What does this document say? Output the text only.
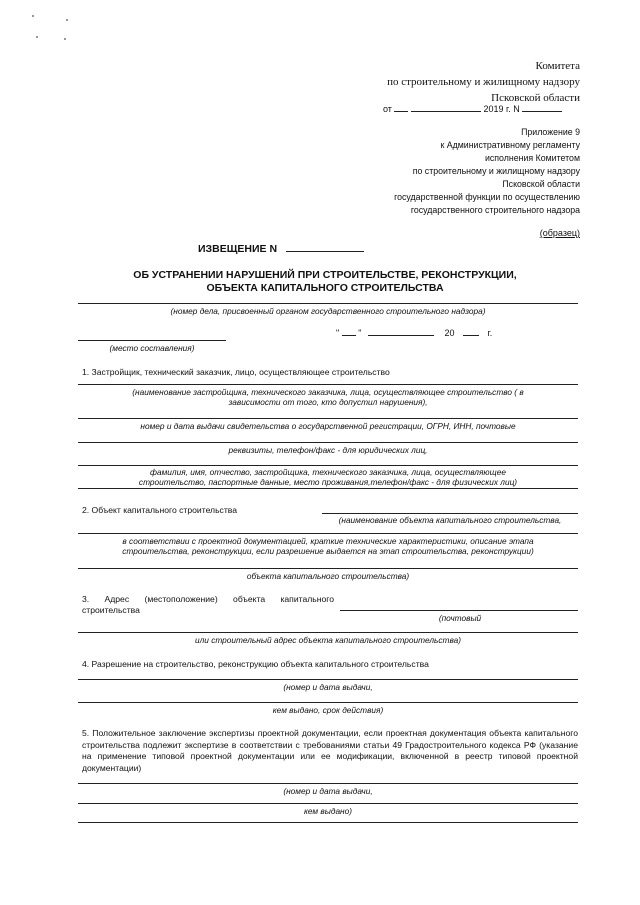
Комитета
по строительному и жилищному надзору
Псковской области
от	2019 г. N
Приложение 9
к Административному регламенту
исполнения Комитетом
по строительному и жилищному надзору
Псковской области
государственной функции по осуществлению
государственного строительного надзора
(образец)
ИЗВЕЩЕНИЕ N
ОБ УСТРАНЕНИИ НАРУШЕНИЙ ПРИ СТРОИТЕЛЬСТВЕ, РЕКОНСТРУКЦИИ,
ОБЪЕКТА КАПИТАЛЬНОГО СТРОИТЕЛЬСТВА
(номер дела, присвоенный органом государственного строительного надзора)
" "	20	г.
(место составления)
1. Застройщик, технический заказчик, лицо, осуществляющее строительство
(наименование застройщика, технического заказчика, лица, осуществляющее строительство ( в
зависимости от того, кто допустил нарушения),
номер и дата выдачи свидетельства о государственной регистрации, ОГРН, ИНН, почтовые
реквизиты, телефон/факс - для юридических лиц,
фамилия, имя, отчество, застройщика, технического заказчика, лица, осуществляющее
строительство, паспортные данные, место проживания,телефон/факс - для физических лиц)
2. Объект капитального строительства
(наименование объекта капитального строительства,
в соответствии с проектной документацией, краткие технические характеристики, описание этапа
строительства, реконструкции, если разрешение выдается на этап строительства, реконструкции)
объекта капитального строительства)
3. Адрес (местоположение) объекта капитального
строительства
(почтовый
или строительный адрес объекта капитального строительства)
4. Разрешение на строительство, реконструкцию объекта капитального строительства
(номер и дата выдачи,
кем выдано, срок действия)
5. Положительное заключение экспертизы проектной документации, если проектная документация объекта капитального строительства подлежит экспертизе в соответствии с требованиями статьи 49 Градостроительного кодекса РФ (указание на применение типовой проектной документации или ее модификации, включенной в реестр типовой проектной документации)
(номер и дата выдачи,
кем выдано)
